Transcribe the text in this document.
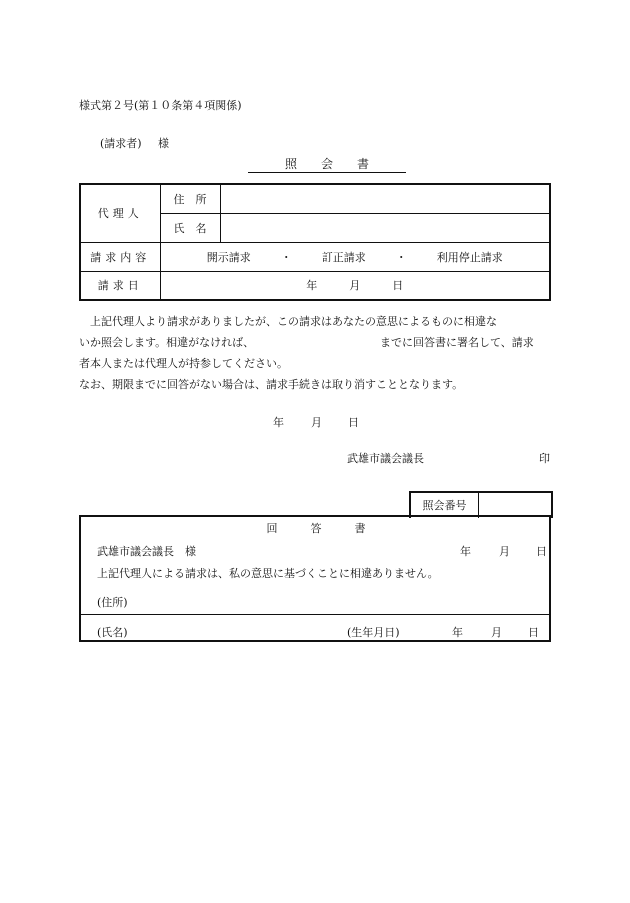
様式第２号(第１０条第４項関係)
(請求者) 様
照　　会　　書
代理人	住　所	
	氏　名	
請求内容	開示請求 ・ 訂正請求 ・ 利用停止請求	

請求日	年 月 日	
上記代理人より請求がありましたが、この請求はあなたの意思によるものに相違な
いか照会します。相違がなければ、	までに回答書に署名して、請求
者本人または代理人が持参してください。
なお、期限までに回答がない場合は、請求手続きは取り消すこととなります。
年 月 日
武雄市議会議長	印
照会番号
回　　　答　　　書
武雄市議会議長　様	年	月 日
上記代理人による請求は、私の意思に基づくことに相違ありません。
(住所)
(氏名)	(生年月日)	年	月 日
